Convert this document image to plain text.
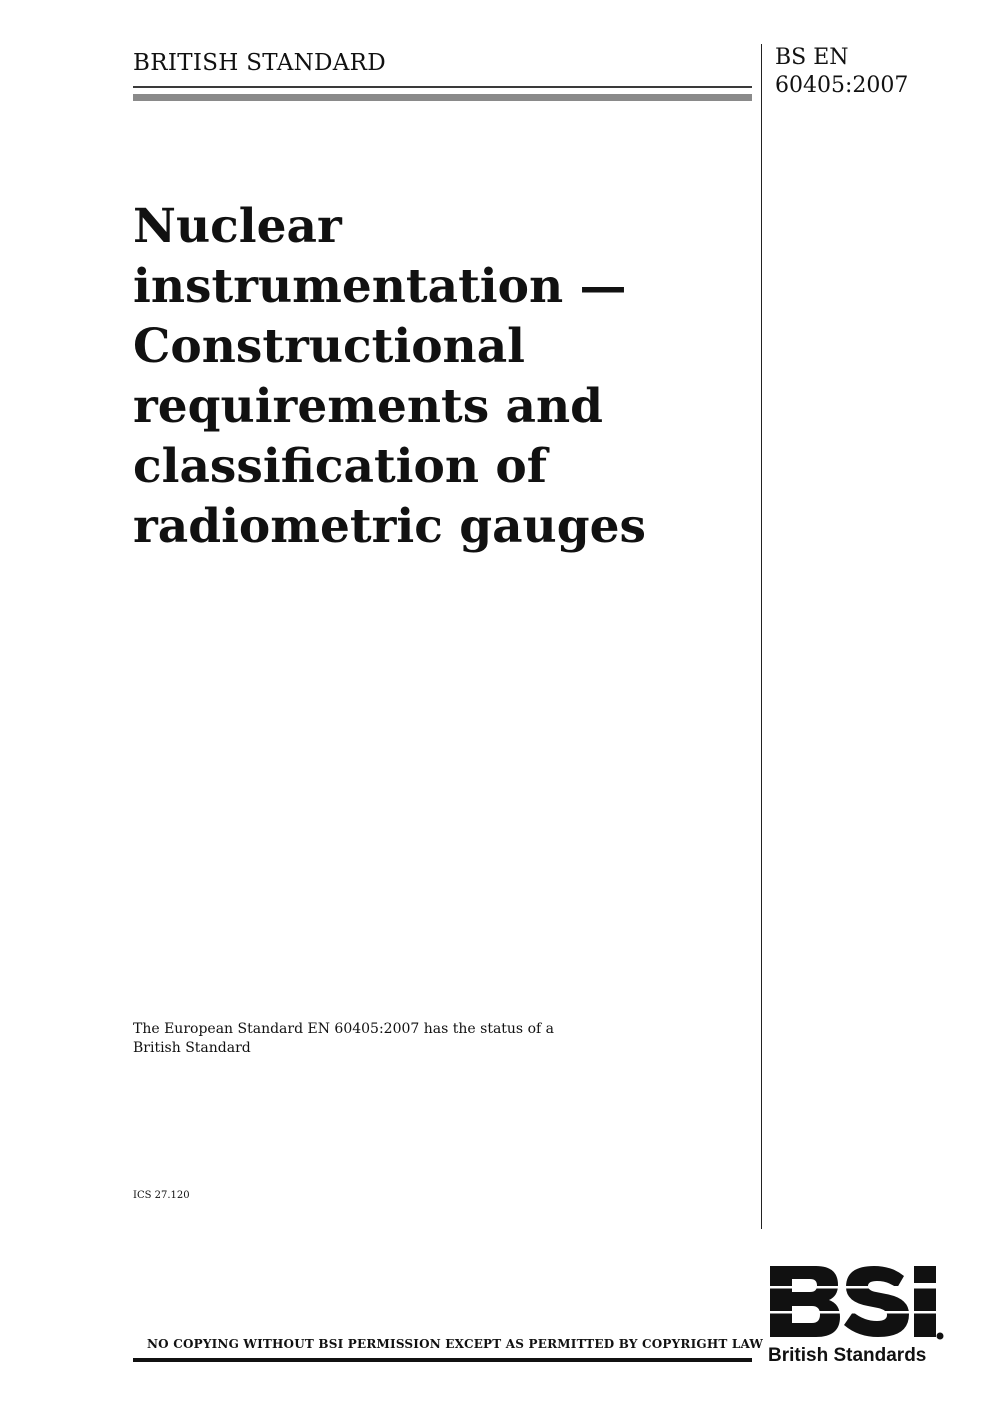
BRITISH STANDARD	BS EN
60405:2007
Nuclear
instrumentation —
Constructional
requirements and
classification of
radiometric gauges
The European Standard EN 60405:2007 has the status of a
British Standard
ICS 27.120
NO COPYING WITHOUT BSI PERMISSION EXCEPT AS PERMITTED BY COPYRIGHT LAW
British Standards
